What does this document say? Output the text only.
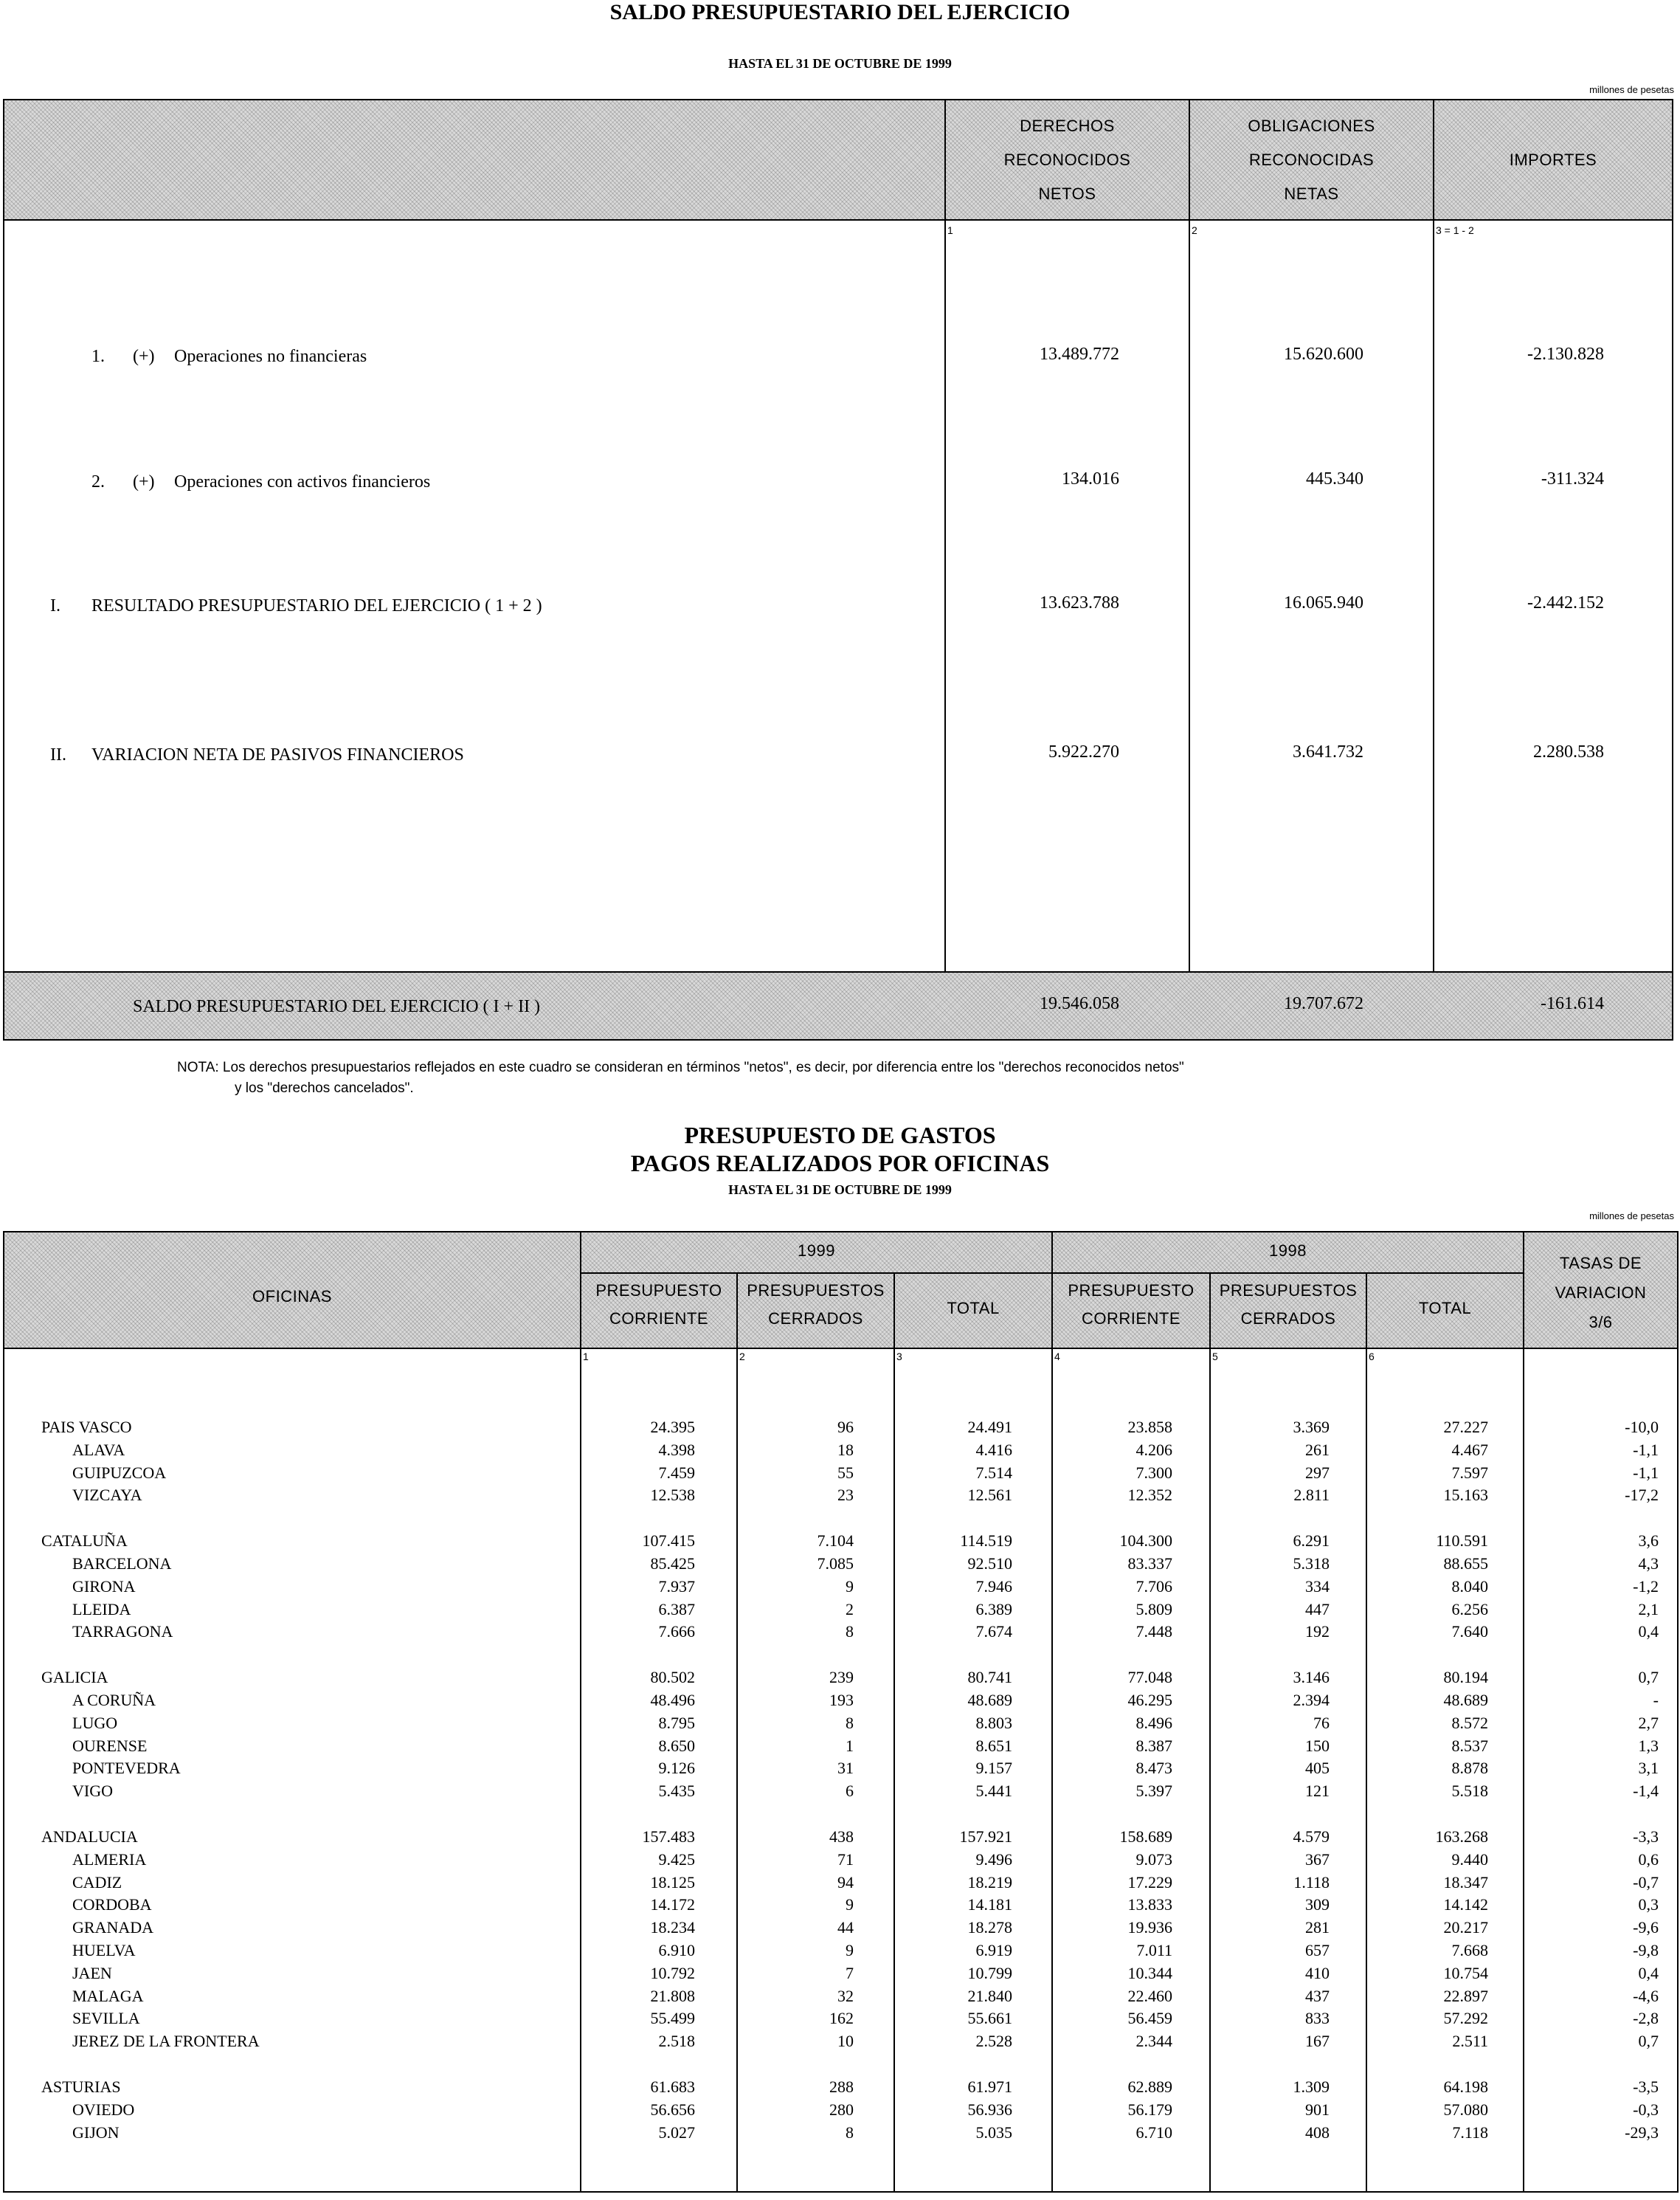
SALDO PRESUPUESTARIO DEL EJERCICIO
HASTA EL 31 DE OCTUBRE DE 1999
millones de pesetas
DERECHOS
RECONOCIDOS
NETOS
OBLIGACIONES
RECONOCIDAS
NETAS
IMPORTES
1	2	3 = 1 - 2
1. (+) Operaciones no financieras	13.489.772	15.620.600	-2.130.828
2. (+) Operaciones con activos financieros	134.016	445.340	-311.324
I. RESULTADO PRESUPUESTARIO DEL EJERCICIO ( 1 + 2 )	13.623.788	16.065.940	-2.442.152
II. VARIACION NETA DE PASIVOS FINANCIEROS	5.922.270	3.641.732	2.280.538
SALDO PRESUPUESTARIO DEL EJERCICIO ( I + II )	19.546.058	19.707.672	-161.614
NOTA: Los derechos presupuestarios reflejados en este cuadro se consideran en términos "netos", es decir, por diferencia entre los "derechos reconocidos netos"
y los "derechos cancelados".
PRESUPUESTO DE GASTOS
PAGOS REALIZADOS POR OFICINAS
HASTA EL 31 DE OCTUBRE DE 1999
millones de pesetas
OFICINAS
1999	1998
PRESUPUESTO
CORRIENTE
PRESUPUESTOS
CERRADOS
TOTAL
PRESUPUESTO
CORRIENTE
PRESUPUESTOS
CERRADOS
TOTAL
TASAS DE
VARIACION
3/6
1	2	3	4	5	6
PAIS VASCO	24.395	96	24.491	23.858	3.369	27.227	-10,0
ALAVA	4.398	18	4.416	4.206	261	4.467	-1,1
GUIPUZCOA	7.459	55	7.514	7.300	297	7.597	-1,1
VIZCAYA	12.538	23	12.561	12.352	2.811	15.163	-17,2
CATALUÑA	107.415	7.104	114.519	104.300	6.291	110.591	3,6
BARCELONA	85.425	7.085	92.510	83.337	5.318	88.655	4,3
GIRONA	7.937	9	7.946	7.706	334	8.040	-1,2
LLEIDA	6.387	2	6.389	5.809	447	6.256	2,1
TARRAGONA	7.666	8	7.674	7.448	192	7.640	0,4
GALICIA	80.502	239	80.741	77.048	3.146	80.194	0,7
A CORUÑA	48.496	193	48.689	46.295	2.394	48.689	-
LUGO	8.795	8	8.803	8.496	76	8.572	2,7
OURENSE	8.650	1	8.651	8.387	150	8.537	1,3
PONTEVEDRA	9.126	31	9.157	8.473	405	8.878	3,1
VIGO	5.435	6	5.441	5.397	121	5.518	-1,4
ANDALUCIA	157.483	438	157.921	158.689	4.579	163.268	-3,3
ALMERIA	9.425	71	9.496	9.073	367	9.440	0,6
CADIZ	18.125	94	18.219	17.229	1.118	18.347	-0,7
CORDOBA	14.172	9	14.181	13.833	309	14.142	0,3
GRANADA	18.234	44	18.278	19.936	281	20.217	-9,6
HUELVA	6.910	9	6.919	7.011	657	7.668	-9,8
JAEN	10.792	7	10.799	10.344	410	10.754	0,4
MALAGA	21.808	32	21.840	22.460	437	22.897	-4,6
SEVILLA	55.499	162	55.661	56.459	833	57.292	-2,8
JEREZ DE LA FRONTERA	2.518	10	2.528	2.344	167	2.511	0,7
ASTURIAS	61.683	288	61.971	62.889	1.309	64.198	-3,5
OVIEDO	56.656	280	56.936	56.179	901	57.080	-0,3
GIJON	5.027	8	5.035	6.710	408	7.118	-29,3
